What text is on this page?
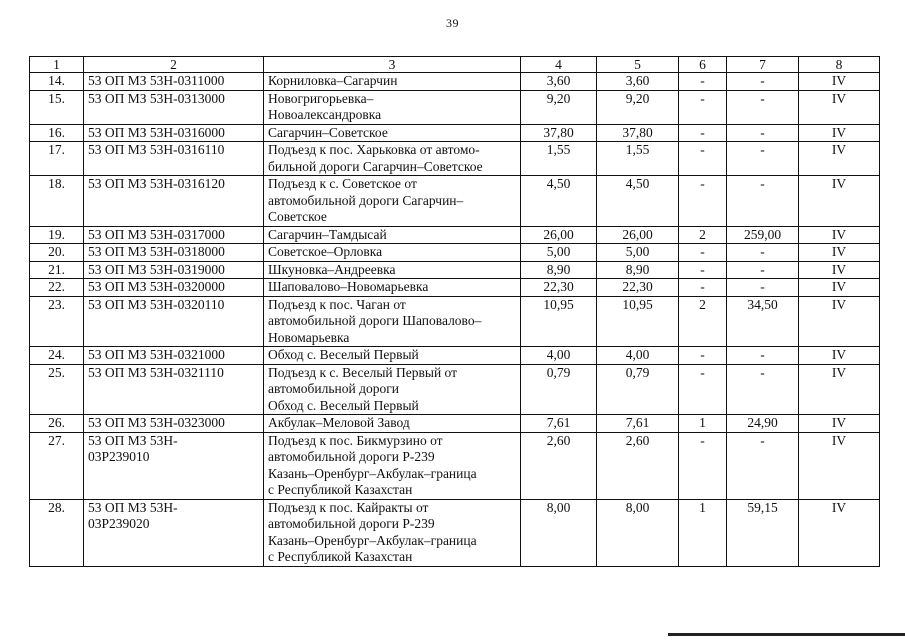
39
1	2	3	4	5	6	7	8
14.	53 ОП МЗ 53Н-0311000	Корниловка–Сагарчин	3,60	3,60	-	-	IV
15.	53 ОП МЗ 53Н-0313000	Новогригорьевка–
Новоалександровка	9,20	9,20	-	-	IV
16.	53 ОП МЗ 53Н-0316000	Сагарчин–Советское	37,80	37,80	-	-	IV
17.	53 ОП МЗ 53Н-0316110	Подъезд к пос. Харьковка от автомо-
бильной дороги Сагарчин–Советское	1,55	1,55	-	-	IV
18.	53 ОП МЗ 53Н-0316120	Подъезд к с. Советское от
автомобильной дороги Сагарчин–
Советское	4,50	4,50	-	-	IV
19.	53 ОП МЗ 53Н-0317000	Сагарчин–Тамдысай	26,00	26,00	2	259,00	IV
20.	53 ОП МЗ 53Н-0318000	Советское–Орловка	5,00	5,00	-	-	IV
21.	53 ОП МЗ 53Н-0319000	Шкуновка–Андреевка	8,90	8,90	-	-	IV
22.	53 ОП МЗ 53Н-0320000	Шаповалово–Новомарьевка	22,30	22,30	-	-	IV
23.	53 ОП МЗ 53Н-0320110	Подъезд к пос. Чаган от
автомобильной дороги Шаповалово–
Новомарьевка	10,95	10,95	2	34,50	IV
24.	53 ОП МЗ 53Н-0321000	Обход с. Веселый Первый	4,00	4,00	-	-	IV
25.	53 ОП МЗ 53Н-0321110	Подъезд к с. Веселый Первый от
автомобильной дороги
Обход с. Веселый Первый	0,79	0,79	-	-	IV
26.	53 ОП МЗ 53Н-0323000	Акбулак–Меловой Завод	7,61	7,61	1	24,90	IV
27.	53 ОП МЗ 53Н-
03Р239010	Подъезд к пос. Бикмурзино от
автомобильной дороги Р-239
Казань–Оренбург–Акбулак–граница
с Республикой Казахстан	2,60	2,60	-	-	IV
28.	53 ОП МЗ 53Н-
03Р239020	Подъезд к пос. Кайракты от
автомобильной дороги Р-239
Казань–Оренбург–Акбулак–граница
с Республикой Казахстан	8,00	8,00	1	59,15	IV
